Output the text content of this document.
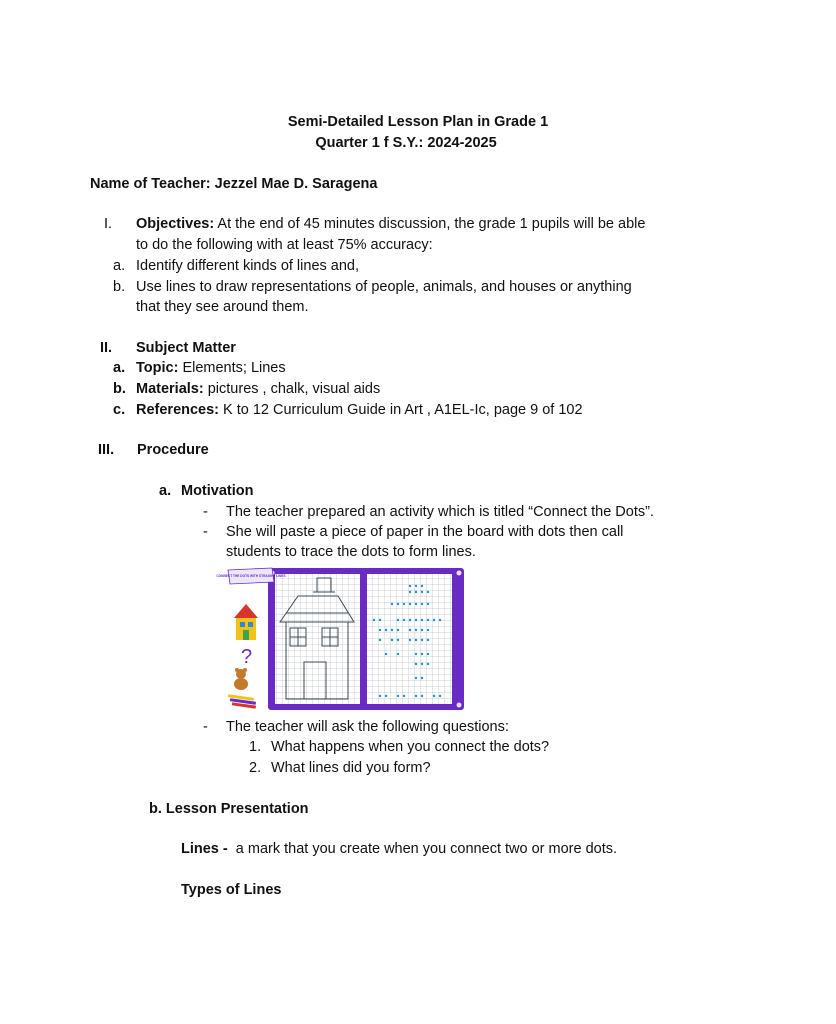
Semi-Detailed Lesson Plan in Grade 1
Quarter 1 f S.Y.: 2024-2025
Name of Teacher: Jezzel Mae D. Saragena
I. Objectives: At the end of 45 minutes discussion, the grade 1 pupils will be able
to do the following with at least 75% accuracy:
a. Identify different kinds of lines and,
b. Use lines to draw representations of people, animals, and houses or anything
that they see around them.
II. Subject Matter
a. Topic: Elements; Lines
b. Materials: pictures , chalk, visual aids
c. References: K to 12 Curriculum Guide in Art , A1EL-Ic, page 9 of 102
III. Procedure
a. Motivation
- The teacher prepared an activity which is titled “Connect the Dots”.
- She will paste a piece of paper in the board with dots then call
students to trace the dots to form lines.
CONNECT THE DOTS WITH STRAIGHT LINES
?
- The teacher will ask the following questions:
1. What happens when you connect the dots?
2. What lines did you form?
b. Lesson Presentation
Lines -  a mark that you create when you connect two or more dots.
Types of Lines
